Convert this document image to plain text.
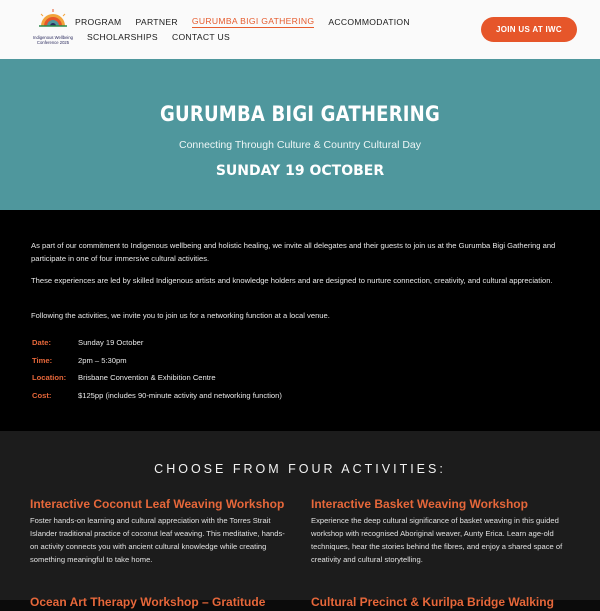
Indigenous Wellbeing Conference 2025
PROGRAM PARTNER GURUMBA BIGI GATHERING ACCOMMODATION
SCHOLARSHIPS CONTACT US
JOIN US AT IWC
GURUMBA BIGI GATHERING
Connecting Through Culture & Country Cultural Day
SUNDAY 19 OCTOBER
As part of our commitment to Indigenous wellbeing and holistic healing, we invite all delegates and their guests to join us at the Gurumba Bigi Gathering and participate in one of four immersive cultural activities.
These experiences are led by skilled Indigenous artists and knowledge holders and are designed to nurture connection, creativity, and cultural appreciation.
Following the activities, we invite you to join us for a networking function at a local venue.
Date:	Sunday 19 October
Time:	2pm – 5:30pm
Location:	Brisbane Convention & Exhibition Centre
Cost:	$125pp (includes 90-minute activity and networking function)
CHOOSE FROM FOUR ACTIVITIES:
Interactive Coconut Leaf Weaving Workshop
Foster hands-on learning and cultural appreciation with the Torres Strait Islander traditional practice of coconut leaf weaving. This meditative, hands-on activity connects you with ancient cultural knowledge while creating something meaningful to take home.
Interactive Basket Weaving Workshop
Experience the deep cultural significance of basket weaving in this guided workshop with recognised Aboriginal weaver, Aunty Erica. Learn age-old techniques, hear the stories behind the fibres, and enjoy a shared space of creativity and cultural storytelling.
Ocean Art Therapy Workshop – Gratitude	Cultural Precinct & Kurilpa Bridge Walking
